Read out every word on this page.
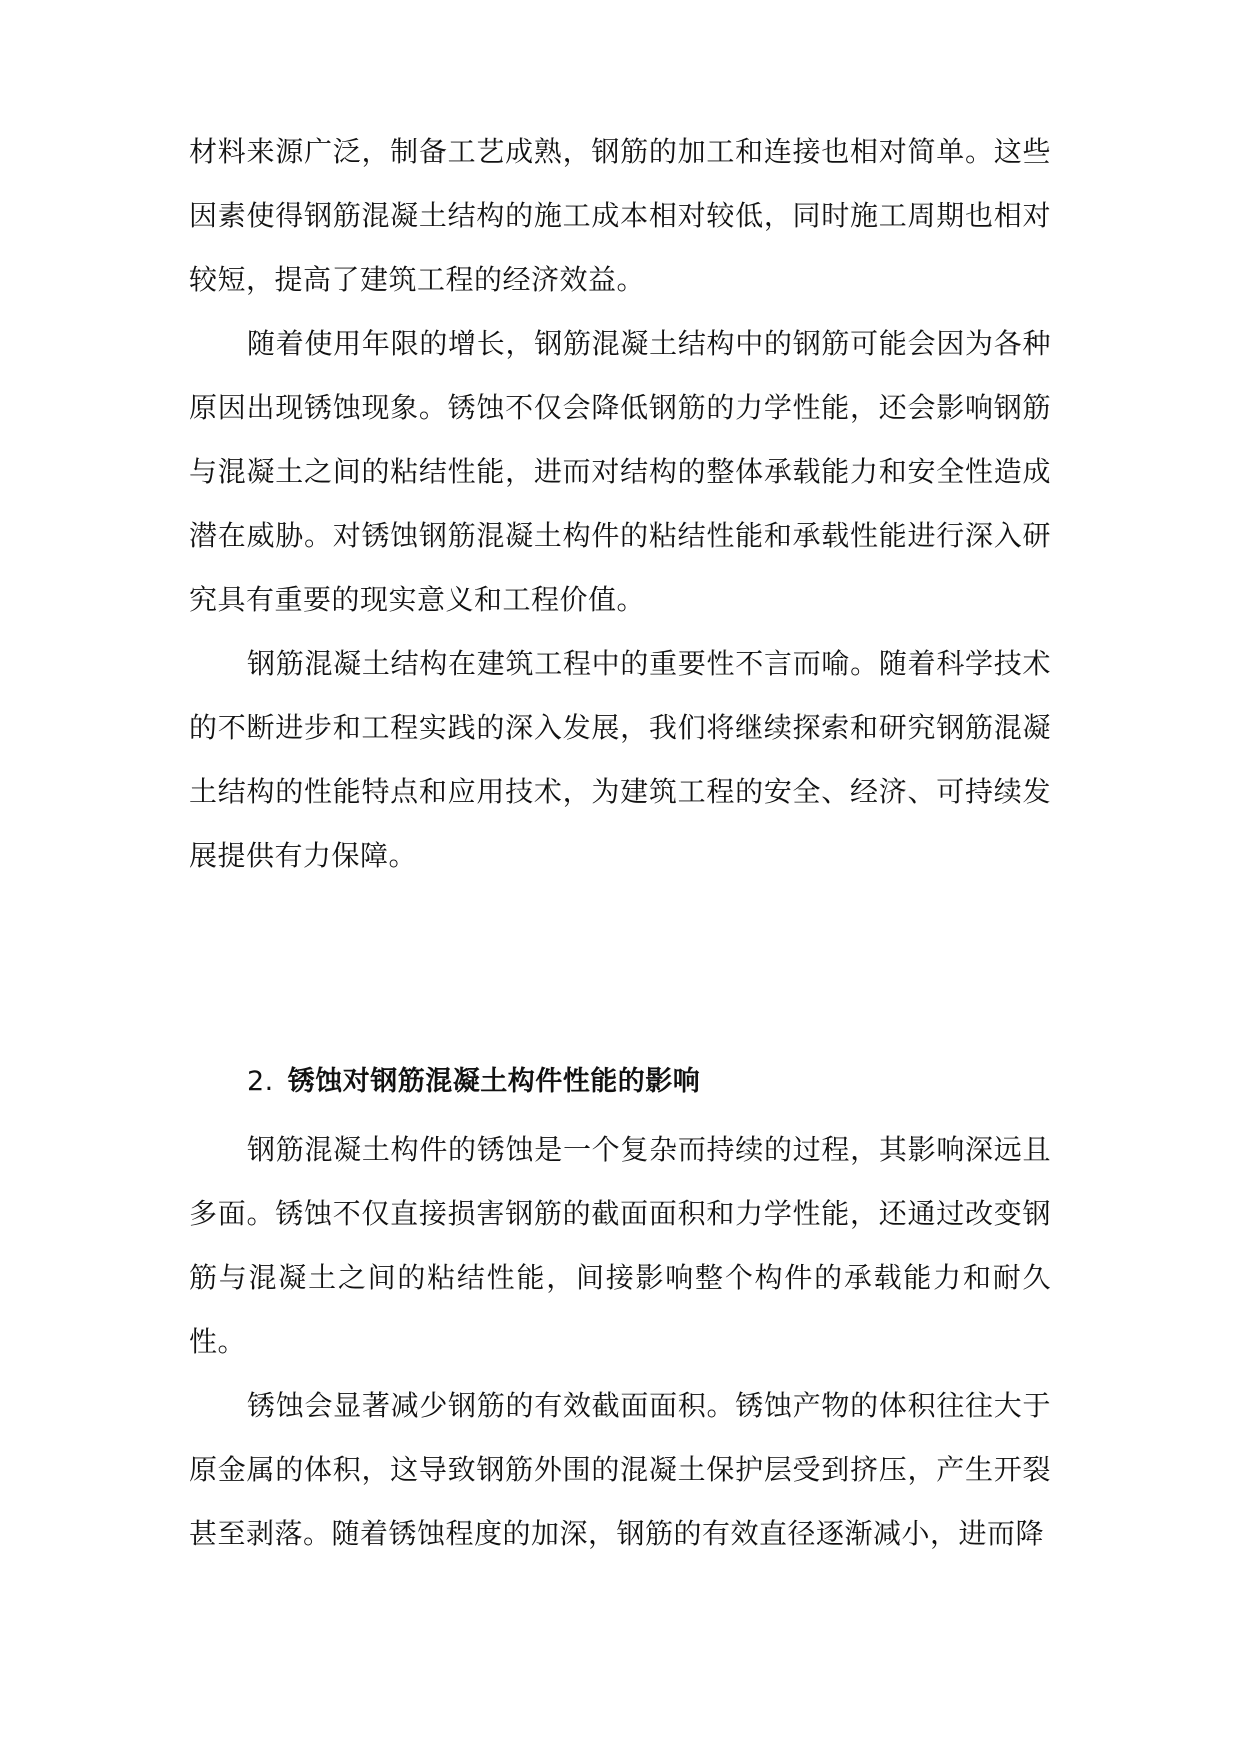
材料来源广泛，制备工艺成熟，钢筋的加工和连接也相对简单。这些因素使得钢筋混凝土结构的施工成本相对较低，同时施工周期也相对较短，提高了建筑工程的经济效益。

随着使用年限的增长，钢筋混凝土结构中的钢筋可能会因为各种原因出现锈蚀现象。锈蚀不仅会降低钢筋的力学性能，还会影响钢筋与混凝土之间的粘结性能，进而对结构的整体承载能力和安全性造成潜在威胁。对锈蚀钢筋混凝土构件的粘结性能和承载性能进行深入研究具有重要的现实意义和工程价值。

钢筋混凝土结构在建筑工程中的重要性不言而喻。随着科学技术的不断进步和工程实践的深入发展，我们将继续探索和研究钢筋混凝土结构的性能特点和应用技术，为建筑工程的安全、经济、可持续发展提供有力保障。

2. 锈蚀对钢筋混凝土构件性能的影响

钢筋混凝土构件的锈蚀是一个复杂而持续的过程，其影响深远且多面。锈蚀不仅直接损害钢筋的截面面积和力学性能，还通过改变钢筋与混凝土之间的粘结性能，间接影响整个构件的承载能力和耐久性。

锈蚀会显著减少钢筋的有效截面面积。锈蚀产物的体积往往大于原金属的体积，这导致钢筋外围的混凝土保护层受到挤压，产生开裂甚至剥落。随着锈蚀程度的加深，钢筋的有效直径逐渐减小，进而降
